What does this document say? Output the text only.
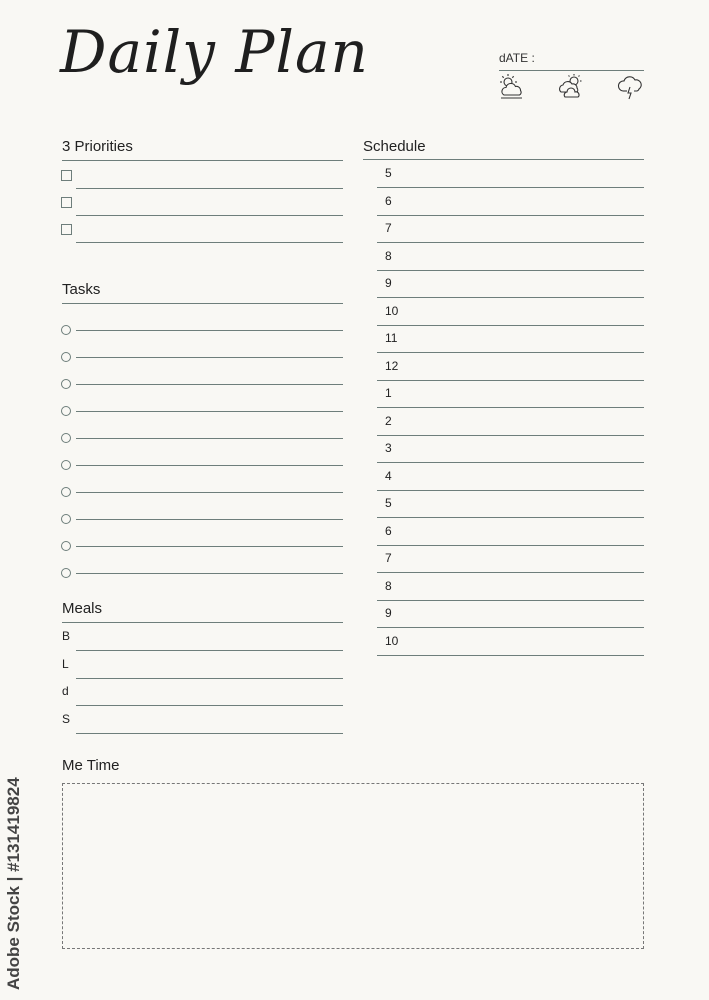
Daily Plan	dATE :
3 Priorities
Tasks
Meals
B
L
d
S
Schedule
5
6
7
8
9
10
11
12
1
2
3
4
5
6
7
8
9
10
Me Time
Adobe Stock | #131419824
